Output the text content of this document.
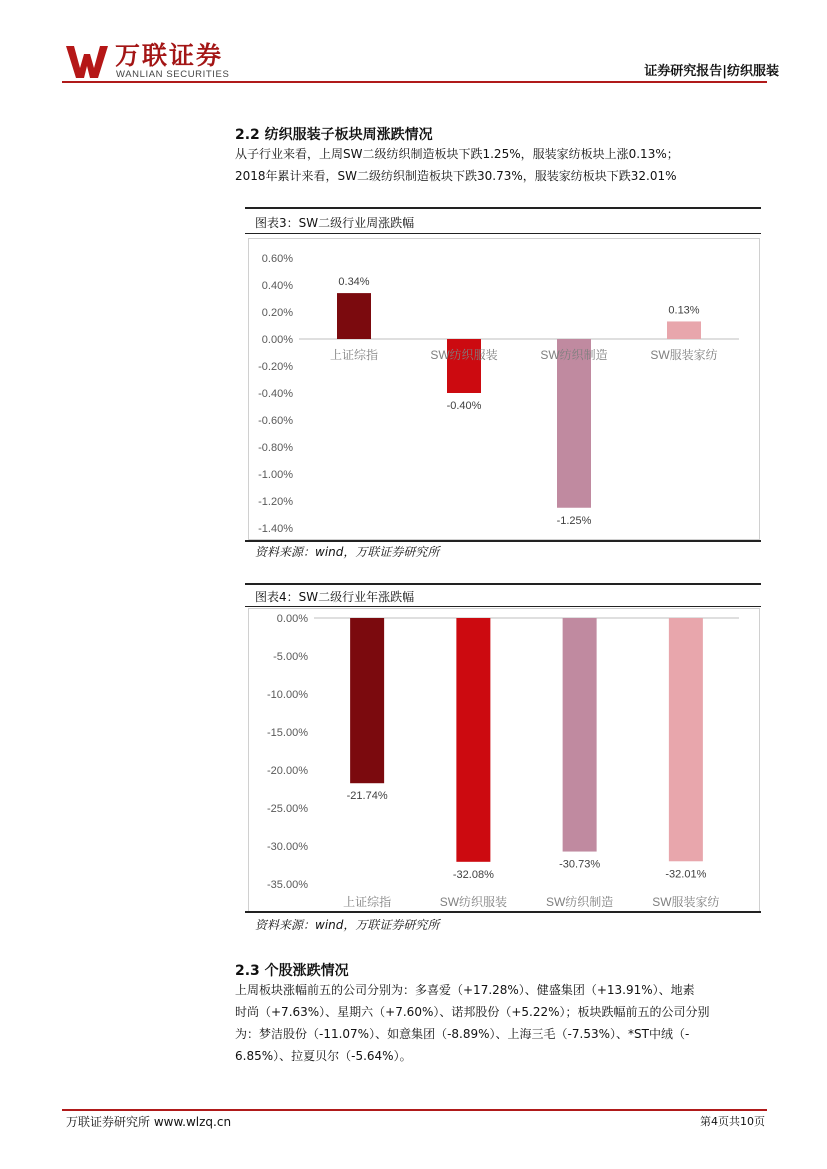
万联证券
WANLIAN SECURITIES	证券研究报告|纺织服装
2.2 纺织服装子板块周涨跌情况
从子行业来看，上周SW二级纺织制造板块下跌1.25%，服装家纺板块上涨0.13%；
2018年累计来看，SW二级纺织制造板块下跌30.73%，服装家纺板块下跌32.01%
图表3：SW二级行业周涨跌幅
0.60%
0.40%
0.20%
0.00%
-0.20%
-0.40%
-0.60%
-0.80%
-1.00%
-1.20%
-1.40%
0.34%
上证综指
-0.40%
SW纺织服装
-1.25%
SW纺织制造
0.13%
SW服装家纺
资料来源：wind，万联证券研究所
图表4：SW二级行业年涨跌幅
0.00%
-5.00%
-10.00%
-15.00%
-20.00%
-25.00%
-30.00%
-35.00%
-21.74%
上证综指
-32.08%
SW纺织服装
-30.73%
SW纺织制造
-32.01%
SW服装家纺
资料来源：wind，万联证券研究所
2.3 个股涨跌情况
上周板块涨幅前五的公司分别为：多喜爱（+17.28%）、健盛集团（+13.91%）、地素
时尚（+7.63%）、星期六（+7.60%）、诺邦股份（+5.22%）；板块跌幅前五的公司分别
为：梦洁股份（-11.07%）、如意集团（-8.89%）、上海三毛（-7.53%）、*ST中绒（-
6.85%）、拉夏贝尔（-5.64%）。
万联证券研究所 www.wlzq.cn	第4页共10页
